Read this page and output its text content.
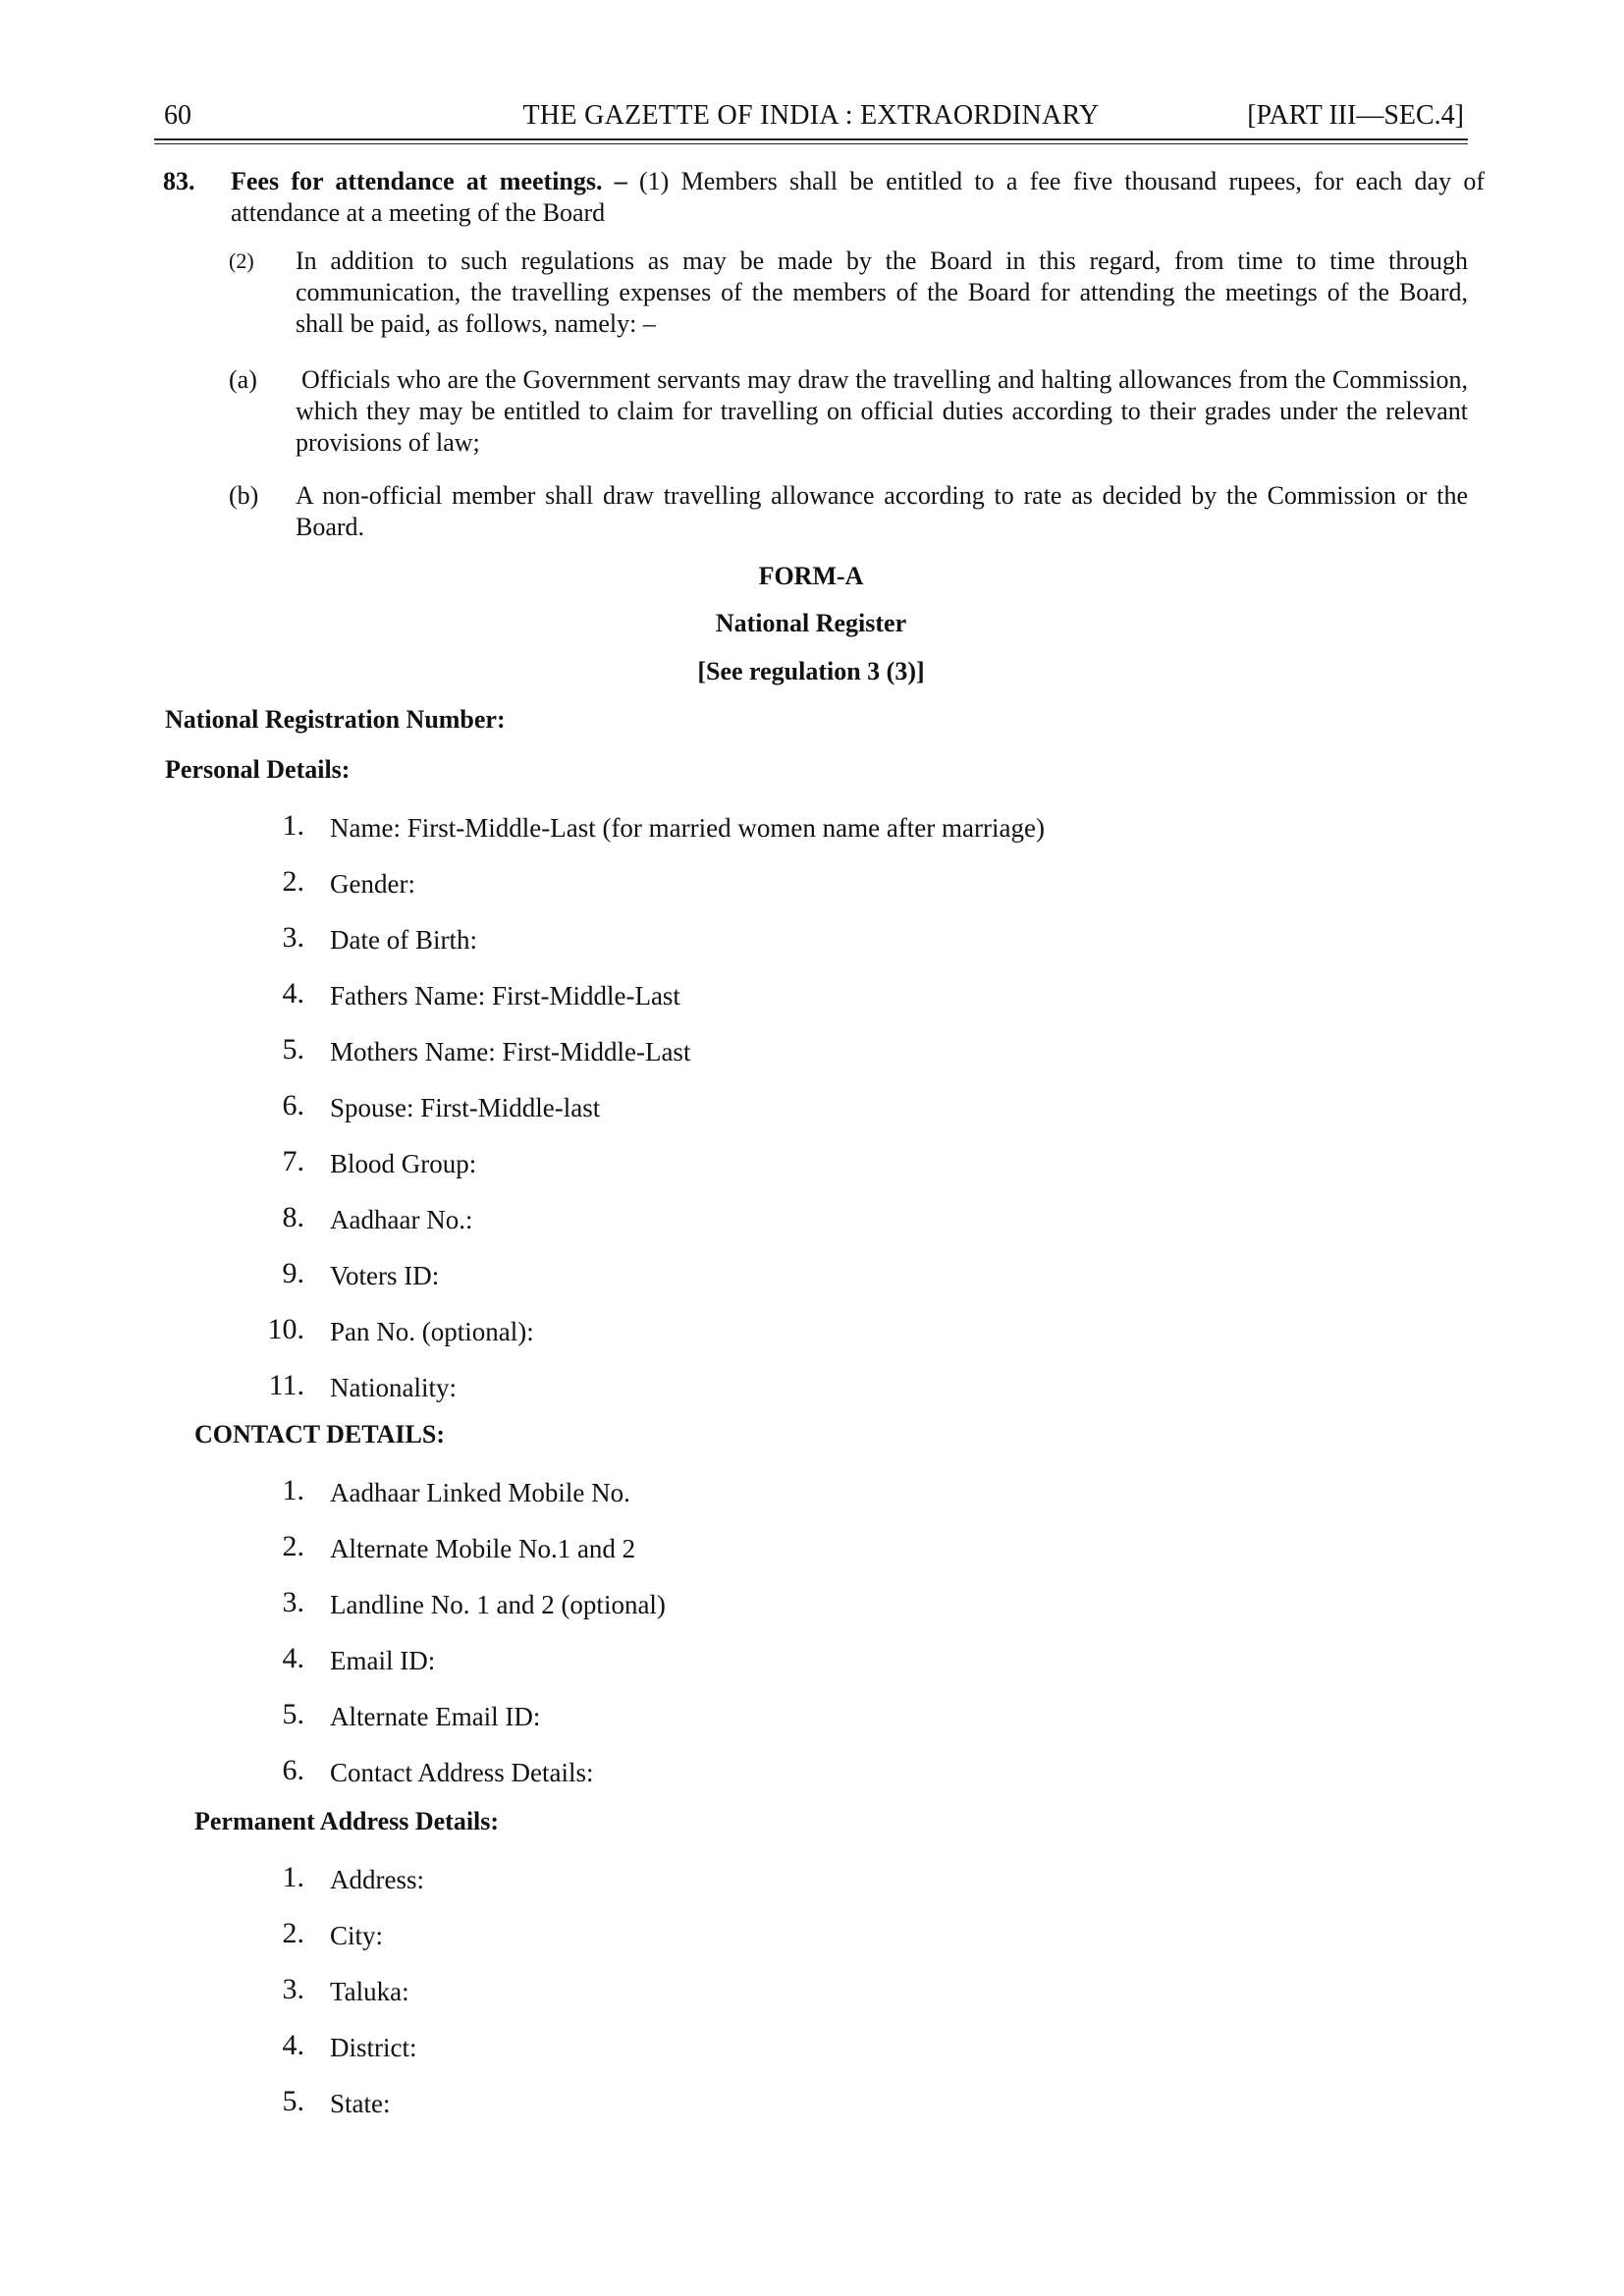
60	THE GAZETTE OF INDIA : EXTRAORDINARY	[PART III—SEC.4]
83.	Fees for attendance at meetings. – (1) Members shall be entitled to a fee five thousand rupees, for each day of attendance at a meeting of the Board
(2) In addition to such regulations as may be made by the Board in this regard, from time to time through communication, the travelling expenses of the members of the Board for attending the meetings of the Board, shall be paid, as follows, namely: –
(a) Officials who are the Government servants may draw the travelling and halting allowances from the Commission, which they may be entitled to claim for travelling on official duties according to their grades under the relevant provisions of law;
(b) A non-official member shall draw travelling allowance according to rate as decided by the Commission or the Board.
FORM-A
National Register
[See regulation 3 (3)]
National Registration Number:
Personal Details:
1. Name: First-Middle-Last (for married women name after marriage)
2. Gender:
3. Date of Birth:
4. Fathers Name: First-Middle-Last
5. Mothers Name: First-Middle-Last
6. Spouse: First-Middle-last
7. Blood Group:
8. Aadhaar No.:
9. Voters ID:
10. Pan No. (optional):
11. Nationality:
CONTACT DETAILS:
1. Aadhaar Linked Mobile No.
2. Alternate Mobile No.1 and 2
3. Landline No. 1 and 2 (optional)
4. Email ID:
5. Alternate Email ID:
6. Contact Address Details:
Permanent Address Details:
1. Address:
2. City:
3. Taluka:
4. District:
5. State:
